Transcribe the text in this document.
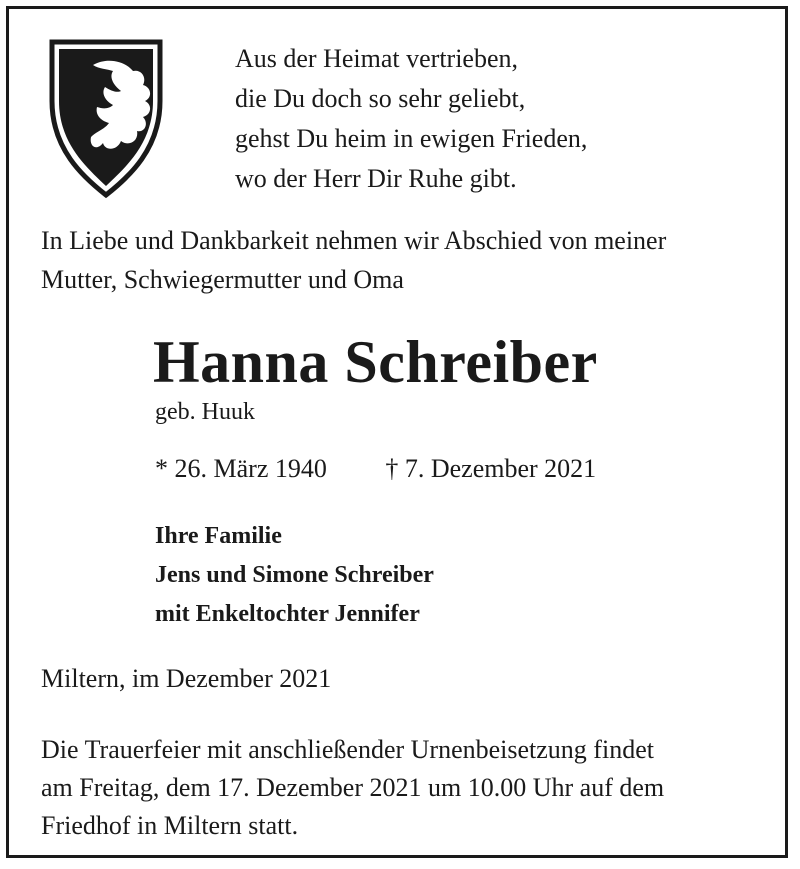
Aus der Heimat vertrieben,
die Du doch so sehr geliebt,
gehst Du heim in ewigen Frieden,
wo der Herr Dir Ruhe gibt.
In Liebe und Dankbarkeit nehmen wir Abschied von meiner
Mutter, Schwiegermutter und Oma
Hanna Schreiber
geb. Huuk
* 26. März 1940 † 7. Dezember 2021
Ihre Familie
Jens und Simone Schreiber
mit Enkeltochter Jennifer
Miltern, im Dezember 2021
Die Trauerfeier mit anschließender Urnenbeisetzung findet
am Freitag, dem 17. Dezember 2021 um 10.00 Uhr auf dem
Friedhof in Miltern statt.
